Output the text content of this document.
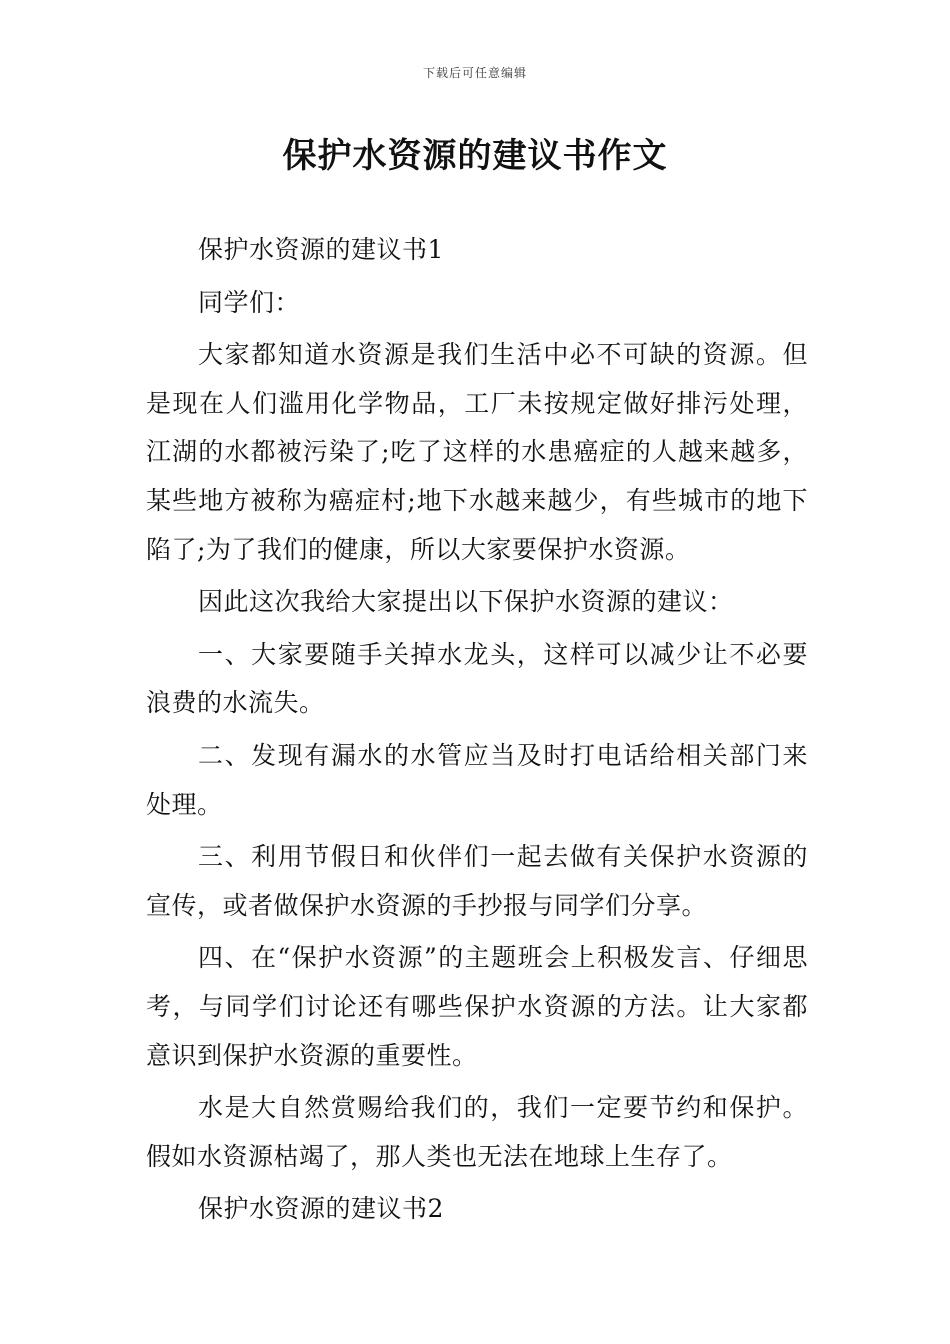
下载后可任意编辑
保护水资源的建议书作文

保护水资源的建议书1

同学们：

大家都知道水资源是我们生活中必不可缺的资源。但是现在人们滥用化学物品，工厂未按规定做好排污处理，江湖的水都被污染了;吃了这样的水患癌症的人越来越多，某些地方被称为癌症村;地下水越来越少，有些城市的地下陷了;为了我们的健康，所以大家要保护水资源。

因此这次我给大家提出以下保护水资源的建议：

一、大家要随手关掉水龙头，这样可以减少让不必要浪费的水流失。

二、发现有漏水的水管应当及时打电话给相关部门来处理。

三、利用节假日和伙伴们一起去做有关保护水资源的宣传，或者做保护水资源的手抄报与同学们分享。

四、在“保护水资源”的主题班会上积极发言、仔细思考，与同学们讨论还有哪些保护水资源的方法。让大家都意识到保护水资源的重要性。

水是大自然赏赐给我们的，我们一定要节约和保护。假如水资源枯竭了，那人类也无法在地球上生存了。

保护水资源的建议书2
